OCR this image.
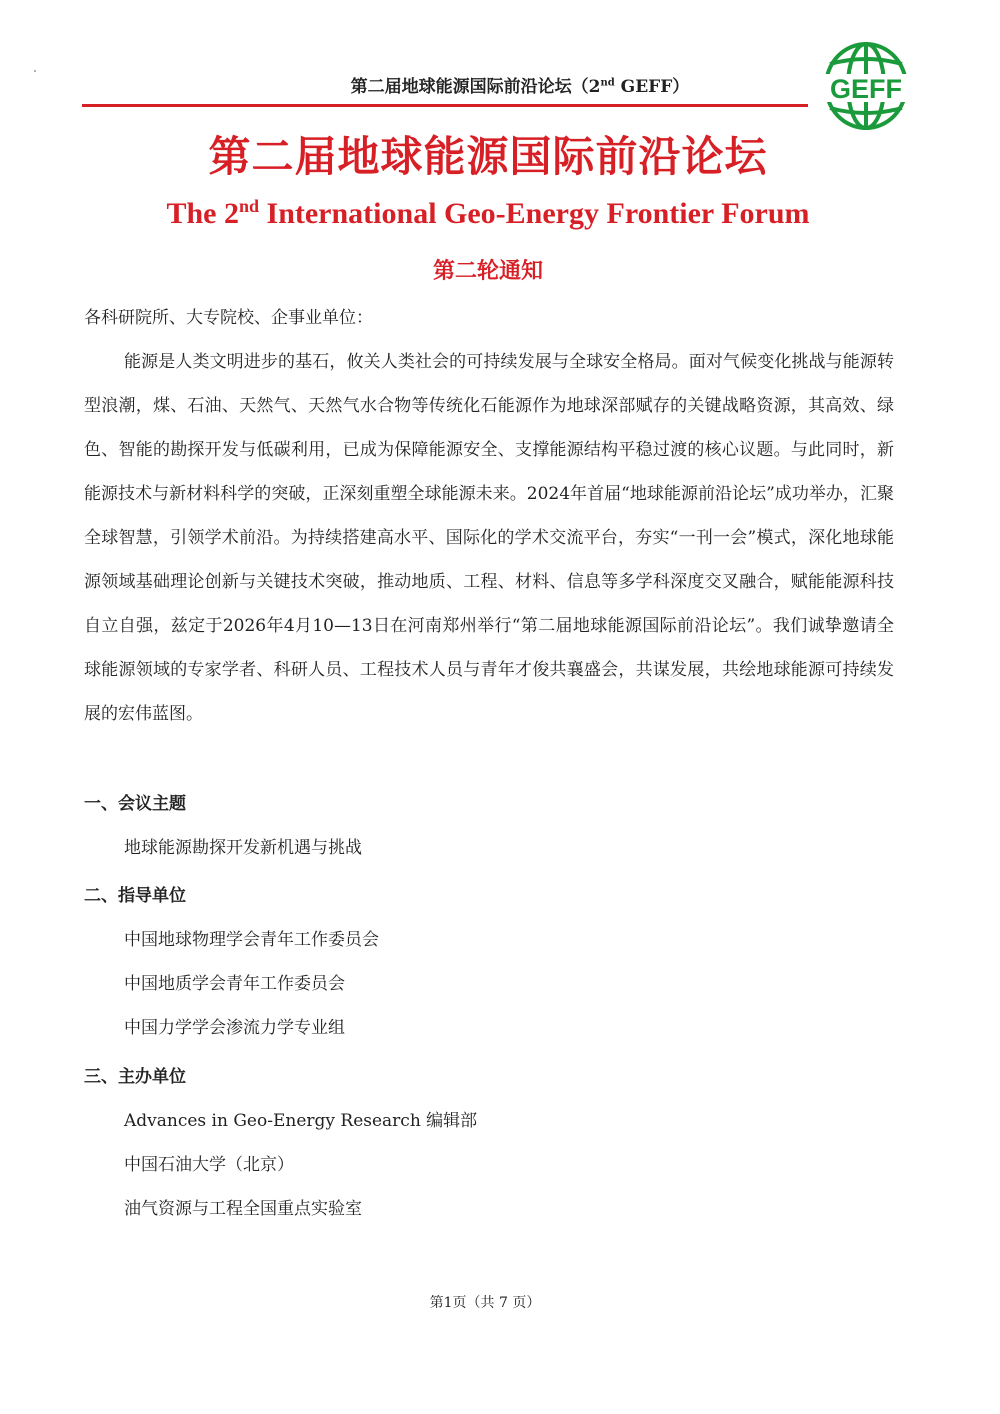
第二届地球能源国际前沿论坛（2nd GEFF）	GEFF
第二届地球能源国际前沿论坛
The 2nd International Geo-Energy Frontier Forum
第二轮通知
各科研院所、大专院校、企事业单位：
能源是人类文明进步的基石，攸关人类社会的可持续发展与全球安全格局。面对气候变化挑战与能源转型浪潮，煤、石油、天然气、天然气水合物等传统化石能源作为地球深部赋存的关键战略资源，其高效、绿色、智能的勘探开发与低碳利用，已成为保障能源安全、支撑能源结构平稳过渡的核心议题。与此同时，新能源技术与新材料科学的突破，正深刻重塑全球能源未来。2024年首届“地球能源前沿论坛”成功举办，汇聚全球智慧，引领学术前沿。为持续搭建高水平、国际化的学术交流平台，夯实“一刊一会”模式，深化地球能源领域基础理论创新与关键技术突破，推动地质、工程、材料、信息等多学科深度交叉融合，赋能能源科技自立自强，兹定于2026年4月10—13日在河南郑州举行“第二届地球能源国际前沿论坛”。我们诚挚邀请全球能源领域的专家学者、科研人员、工程技术人员与青年才俊共襄盛会，共谋发展，共绘地球能源可持续发展的宏伟蓝图。
一、会议主题
地球能源勘探开发新机遇与挑战
二、指导单位
中国地球物理学会青年工作委员会
中国地质学会青年工作委员会
中国力学学会渗流力学专业组
三、主办单位
Advances in Geo-Energy Research 编辑部
中国石油大学（北京）
油气资源与工程全国重点实验室
第1页（共 7 页）
